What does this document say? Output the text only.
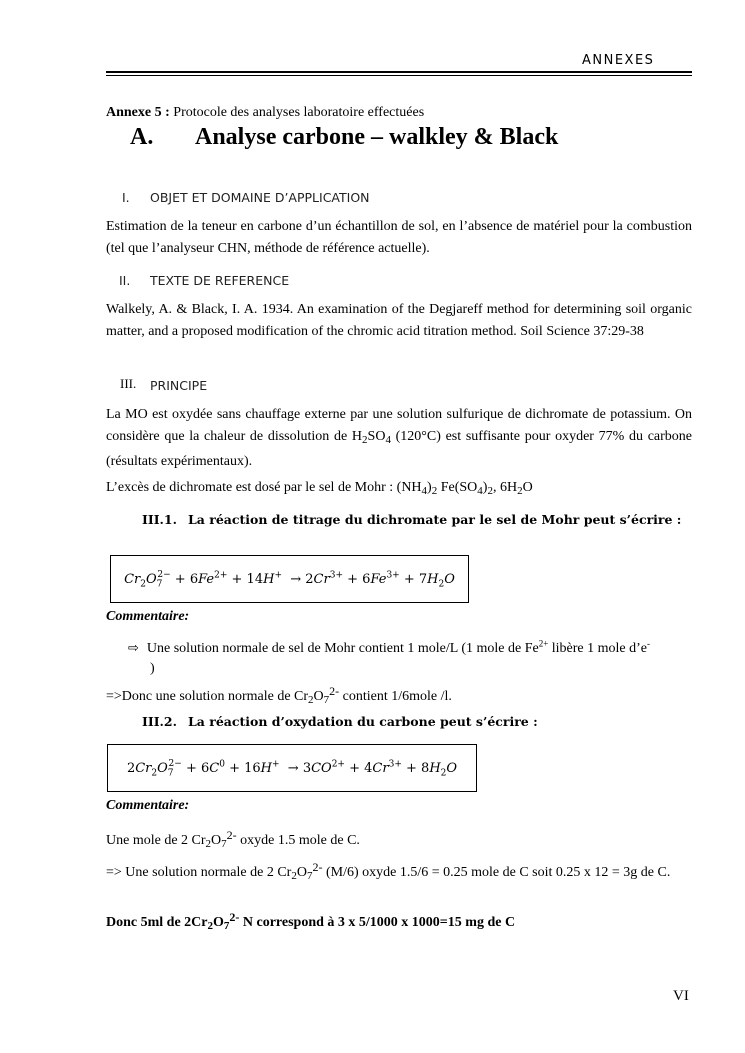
ANNEXES
Annexe 5 : Protocole des analyses laboratoire effectuées
A. Analyse carbone – walkley & Black
I. OBJET ET DOMAINE D’APPLICATION
Estimation de la teneur en carbone d’un échantillon de sol, en l’absence de matériel pour la combustion (tel que l’analyseur CHN, méthode de référence actuelle).
II. TEXTE DE REFERENCE
Walkely, A. & Black, I. A. 1934. An examination of the Degjareff method for determining soil organic matter, and a proposed modification of the chromic acid titration method. Soil Science 37:29-38
III. PRINCIPE
La MO est oxydée sans chauffage externe par une solution sulfurique de dichromate de potassium. On considère que la chaleur de dissolution de $H_2SO_4$ (120°C) est suffisante pour oxyder 77% du carbone (résultats expérimentaux).
L’excès de dichromate est dosé par le sel de Mohr : $(NH_4)_2$ $Fe(SO_4)_2$, $6H_2O$
III.1. La réaction de titrage du dichromate par le sel de Mohr peut s’écrire :
$Cr_2O_7^{2-} + 6Fe^{2+} + 14H^+ \to 2Cr^{3+} + 6Fe^{3+} + 7H_2O$
Commentaire:
⇨ Une solution normale de sel de Mohr contient 1 mole/L (1 mole de $Fe^{2+}$ libère 1 mole d’e-
)
=>Donc une solution normale de $Cr_2O_72-$ contient 1/6mole /l.
III.2. La réaction d’oxydation du carbone peut s’écrire :
$2Cr_2O_7^{2-} + 6C^0 + 16H^+ \to 3CO^{2+} + 4Cr^{3+} + 8H_2O$
Commentaire:
Une mole de 2 $Cr_2O_72-$ oxyde 1.5 mole de C.
=> Une solution normale de 2 $Cr_2O_72-$ (M/6) oxyde 1.5/6 = 0.25 mole de C soit 0.25 x 12 = 3g de C.
Donc 5ml de $2Cr_2O_72-$ N correspond à 3 x 5/1000 x 1000=15 mg de C
VI
